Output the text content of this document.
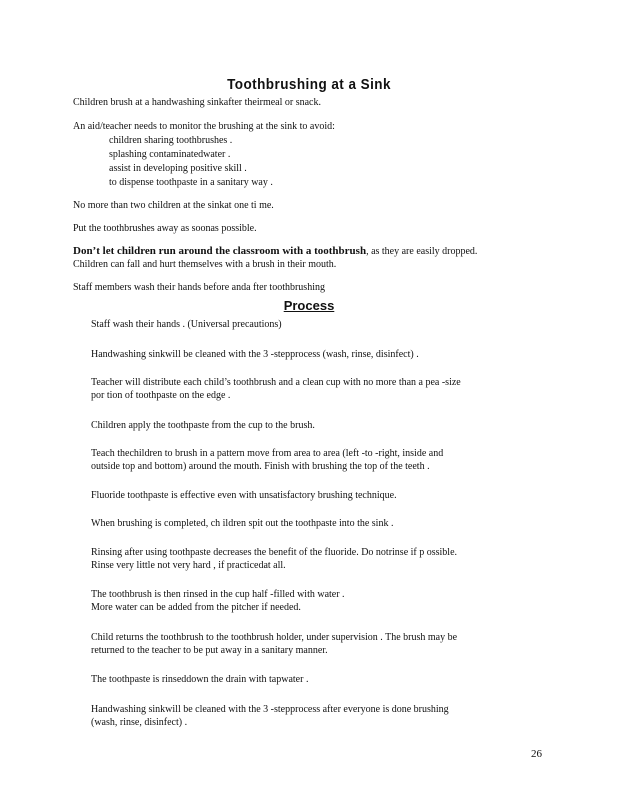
Toothbrushing at a Sink
Children brush at a handwashing sinkafter theirmeal or snack.
An aid/teacher needs to monitor the brushing at the sink to avoid:
children sharing toothbrushes .
splashing contaminatedwater .
assist in developing positive skill .
to dispense toothpaste in a sanitary way .
No more than two children at the sinkat one ti me.
Put the toothbrushes away as soonas possible.
Don’t let children run around the classroom with a toothbrush, as they are easily dropped.
Children can fall and hurt themselves with a brush in their mouth.
Staff members wash their hands before anda fter toothbrushing
Process
Staff wash their hands . (Universal precautions)
Handwashing sinkwill be cleaned with the 3 -stepprocess (wash, rinse, disinfect) .
Teacher will distribute each child’s toothbrush and a clean cup with no more than a pea -size
por tion of toothpaste on the edge .
Children apply the toothpaste from the cup to the brush.
Teach thechildren to brush in a pattern move from area to area (left -to -right, inside and
outside top and bottom) around the mouth. Finish with brushing the top of the teeth .
Fluoride toothpaste is effective even with unsatisfactory brushing technique.
When brushing is completed, ch ildren spit out the toothpaste into the sink .
Rinsing after using toothpaste decreases the benefit of the fluoride. Do notrinse if p ossible.
Rinse very little not very hard , if practicedat all.
The toothbrush is then rinsed in the cup half -filled with water .
More water can be added from the pitcher if needed.
Child returns the toothbrush to the toothbrush holder, under supervision . The brush may be
returned to the teacher to be put away in a sanitary manner.
The toothpaste is rinseddown the drain with tapwater .
Handwashing sinkwill be cleaned with the 3 -stepprocess after everyone is done brushing
(wash, rinse, disinfect) .
26
